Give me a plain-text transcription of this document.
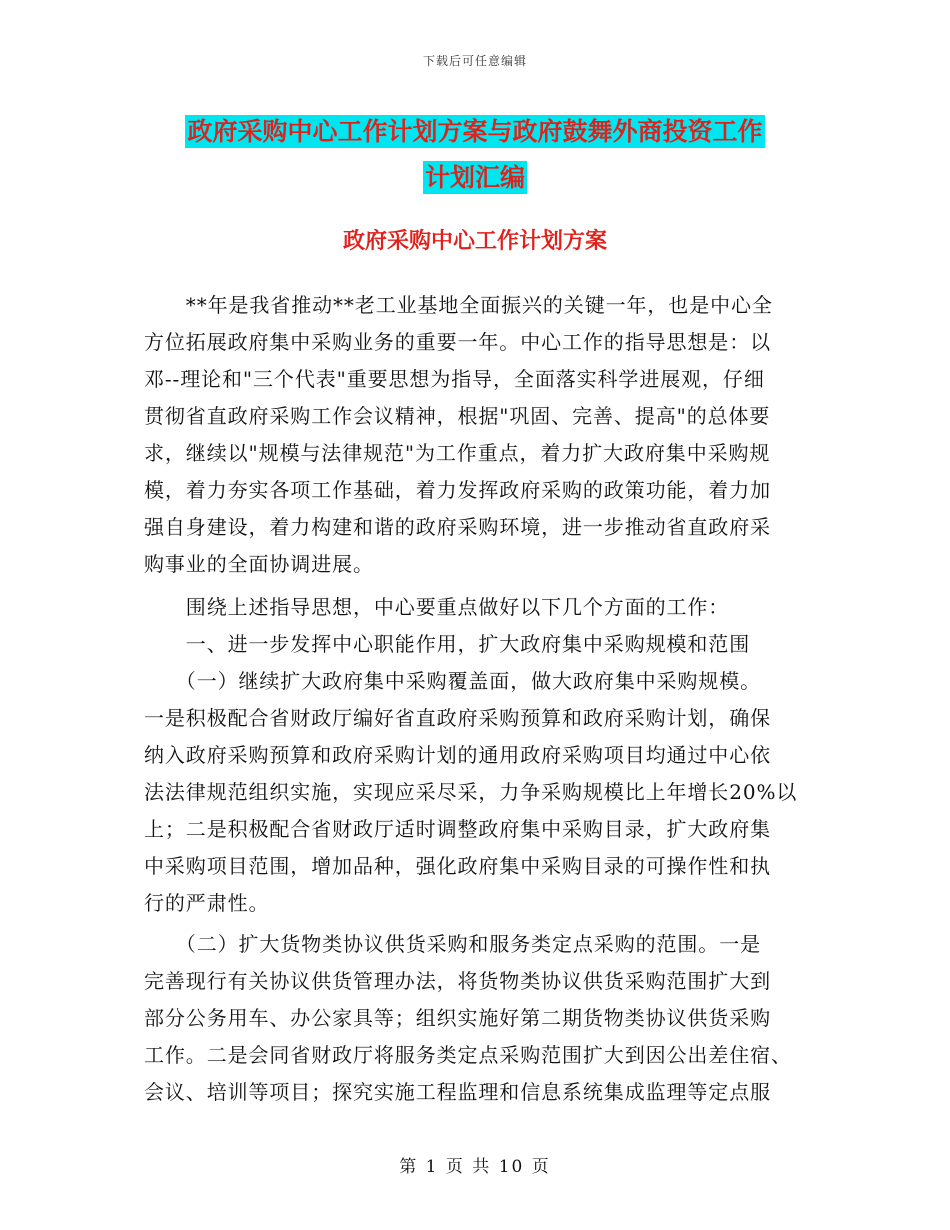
下载后可任意编辑
政府采购中心工作计划方案与政府鼓舞外商投资工作
计划汇编
政府采购中心工作计划方案
　　**年是我省推动**老工业基地全面振兴的关键一年，也是中心全
方位拓展政府集中采购业务的重要一年。中心工作的指导思想是：以
邓--理论和"三个代表"重要思想为指导，全面落实科学进展观，仔细
贯彻省直政府采购工作会议精神，根据"巩固、完善、提高"的总体要
求，继续以"规模与法律规范"为工作重点，着力扩大政府集中采购规
模，着力夯实各项工作基础，着力发挥政府采购的政策功能，着力加
强自身建设，着力构建和谐的政府采购环境，进一步推动省直政府采
购事业的全面协调进展。
　　围绕上述指导思想，中心要重点做好以下几个方面的工作：
　　一、进一步发挥中心职能作用，扩大政府集中采购规模和范围
　　（一）继续扩大政府集中采购覆盖面，做大政府集中采购规模。
一是积极配合省财政厅编好省直政府采购预算和政府采购计划，确保
纳入政府采购预算和政府采购计划的通用政府采购项目均通过中心依
法法律规范组织实施，实现应采尽采，力争采购规模比上年增长20%以
上；二是积极配合省财政厅适时调整政府集中采购目录，扩大政府集
中采购项目范围，增加品种，强化政府集中采购目录的可操作性和执
行的严肃性。
　　（二）扩大货物类协议供货采购和服务类定点采购的范围。一是
完善现行有关协议供货管理办法，将货物类协议供货采购范围扩大到
部分公务用车、办公家具等；组织实施好第二期货物类协议供货采购
工作。二是会同省财政厅将服务类定点采购范围扩大到因公出差住宿、
会议、培训等项目；探究实施工程监理和信息系统集成监理等定点服
第 1 页 共 10 页
